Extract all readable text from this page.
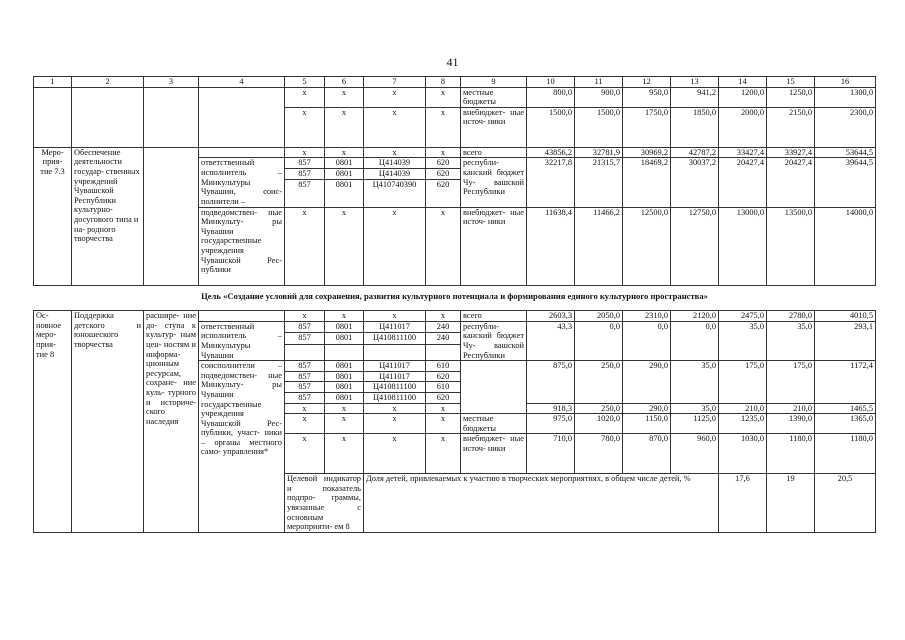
41
1	2	3	4	5	6	7	8	9	10	11	12	13	14	15	16	
				x	x	x	x	местные бюджеты	800,0	900,0	950,0	941,2	1200,0	1250,0	1300,0	
				x	x	x	x	внебюджет- ные источ- ники	1500,0	1500,0	1750,0	1850,0	2000,0	2150,0	2300,0	
Меро- прия- тие 7.3	Обеспечение деятельности государ- ственных учреждений Чувашской Республики культурно- досугового типа и на- родного творчества			x	x	x	x	всего	43856,2	32781,9	30969,2	42787,2	33427,4	33927,4	53644,5	
			ответственный исполнитель – Минкультуры Чувашии, соис- полнители –	857	0801	Ц414039	620	республи- канский бюджет Чу- вашской Республики	32217,8	21315,7	18469,2	30037,2	20427,4	20427,4	39644,5	
				857	0801	Ц414039	620									
				857	0801	Ц410740390	620									
			подведомствен- ные Минкульту- ры Чувашии государственные учреждения Чувашской Рес- публики	x	x	x	x	внебюджет- ные источ- ники	11638,4	11466,2	12500,0	12750,0	13000,0	13500,0	14000,0	
Цель «Создание условий для сохранения, развития культурного потенциала и формирования единого культурного пространства»																
Ос- новное меро- прия- тие 8	Поддержка детского и юношеского творчества	расшире- ние до- ступа к культур- ным цен- ностям и информа- ционным ресурсам, сохране- ние куль- турного и историче- ского наследия		x	x	x	x	всего	2603,3	2050,0	2310,0	2120,0	2475,0	2780,0	4010,5	
			ответственный исполнитель – Минкультуры Чувашии	857	0801	Ц411017	240	республи- канский бюджет Чу- вашской Республики	43,3	0,0	0,0	0,0	35,0	35,0	293,1	
				857	0801	Ц410811100	240									

			соисполнители – подведомствен- ные Минкульту- ры Чувашии государственные учреждения Чувашской Рес- публики, участ- ники – органы местного само- управления*	857	0801	Ц411017	610		875,0	250,0	290,0	35,0	175,0	175,0	1172,4	
				857	0801	Ц411017	620									
				857	0801	Ц410811100	610									
				857	0801	Ц410811100	620									
				x	x	x	x		918,3	250,0	290,0	35,0	210,0	210,0	1465,5	
				x	x	x	x	местные бюджеты	975,0	1020,0	1150,0	1125,0	1235,0	1390,0	1365,0	
				x	x	x	x	внебюджет- ные источ- ники	710,0	780,0	870,0	960,0	1030,0	1180,0	1180,0	
				Целевой индикатор и показатель подпро- граммы, увязанные с основным мероприяти- ем 8		Доля детей, привлекаемых к участию в творческих мероприятиях, в общем числе детей, %							17,6	19	20,5				
